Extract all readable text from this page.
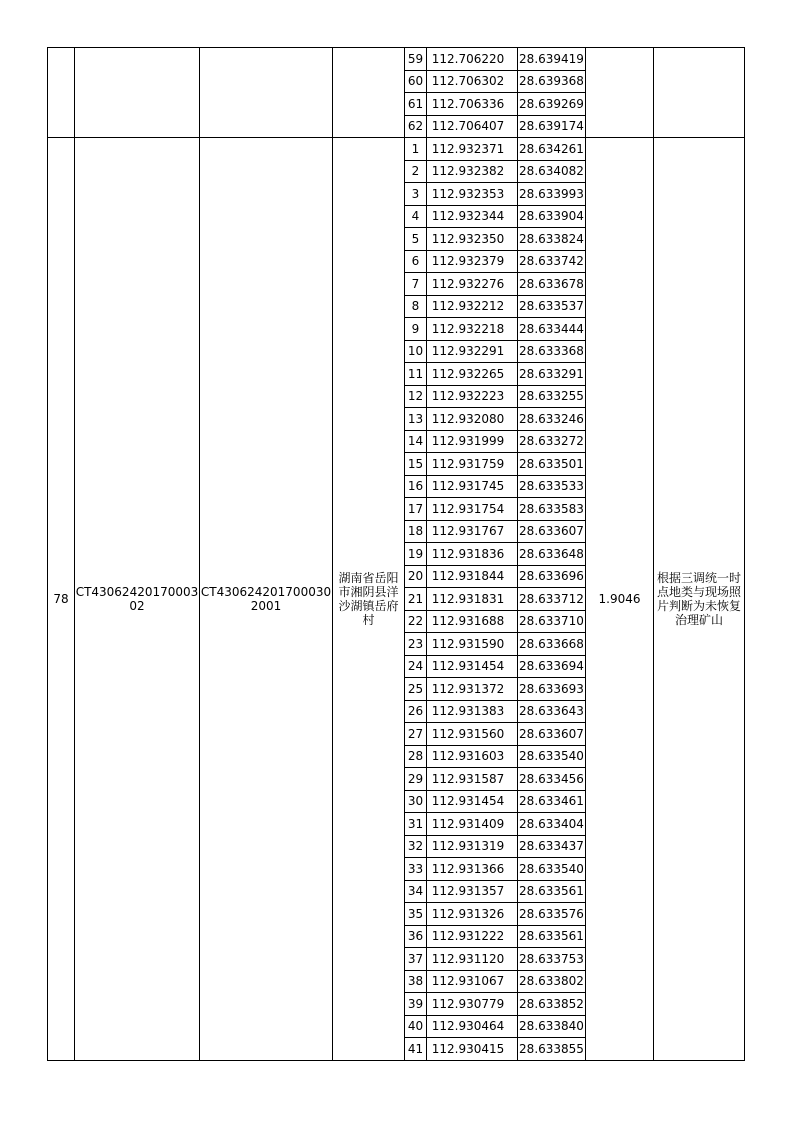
				59	112.706220	28.639419		
				60	112.706302	28.639368		
				61	112.706336	28.639269		
				62	112.706407	28.639174		
78	CT4306242017000302	CT4306242017000302001	湖南省岳阳市湘阴县洋沙湖镇岳府村	1	112.932371	28.634261	1.9046	根据三调统一时点地类与现场照片判断为未恢复治理矿山
				2	112.932382	28.634082		
				3	112.932353	28.633993		
				4	112.932344	28.633904		
				5	112.932350	28.633824		
				6	112.932379	28.633742		
				7	112.932276	28.633678		
				8	112.932212	28.633537		
				9	112.932218	28.633444		
				10	112.932291	28.633368		
				11	112.932265	28.633291		
				12	112.932223	28.633255		
				13	112.932080	28.633246		
				14	112.931999	28.633272		
				15	112.931759	28.633501		
				16	112.931745	28.633533		
				17	112.931754	28.633583		
				18	112.931767	28.633607		
				19	112.931836	28.633648		
				20	112.931844	28.633696		
				21	112.931831	28.633712		
				22	112.931688	28.633710		
				23	112.931590	28.633668		
				24	112.931454	28.633694		
				25	112.931372	28.633693		
				26	112.931383	28.633643		
				27	112.931560	28.633607		
				28	112.931603	28.633540		
				29	112.931587	28.633456		
				30	112.931454	28.633461		
				31	112.931409	28.633404		
				32	112.931319	28.633437		
				33	112.931366	28.633540		
				34	112.931357	28.633561		
				35	112.931326	28.633576		
				36	112.931222	28.633561		
				37	112.931120	28.633753		
				38	112.931067	28.633802		
				39	112.930779	28.633852		
				40	112.930464	28.633840		
				41	112.930415	28.633855		
